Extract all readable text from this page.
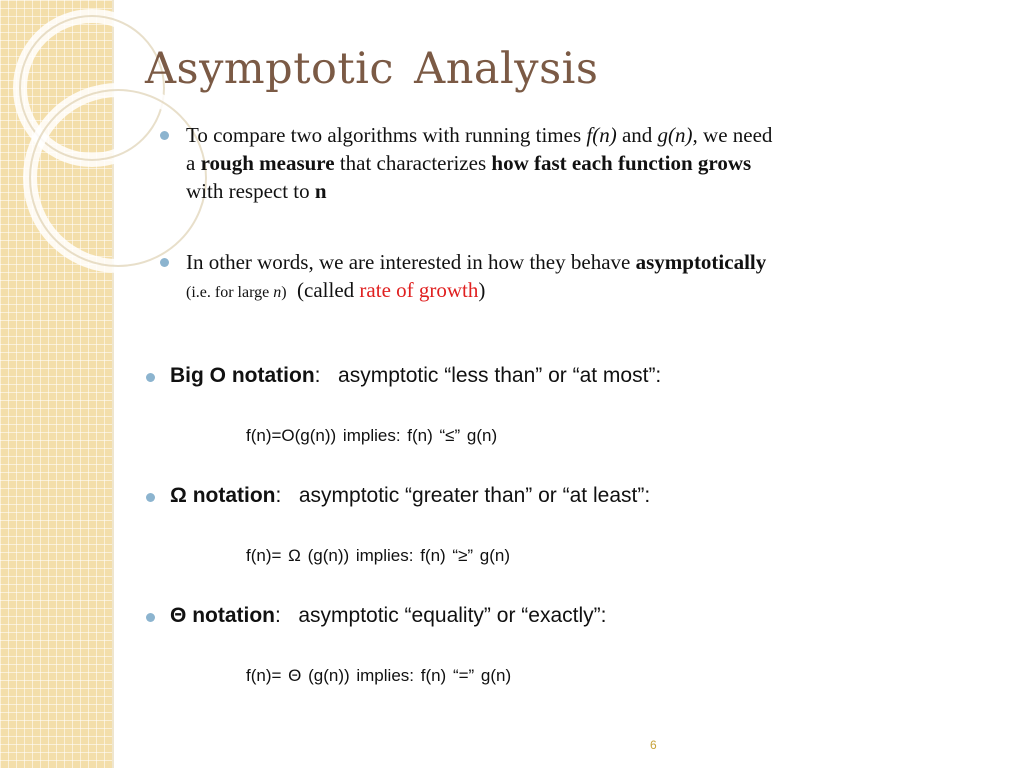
Asymptotic Analysis
To compare two algorithms with running times f(n) and g(n), we need
a rough measure that characterizes how fast each function grows
with respect to n
In other words, we are interested in how they behave asymptotically
(i.e. for large n) (called rate of growth)
Big O notation: asymptotic “less than” or “at most”:
f(n)=O(g(n)) implies: f(n) “≤” g(n)
Ω notation: asymptotic “greater than” or “at least”:
f(n)= Ω (g(n)) implies: f(n) “≥” g(n)
Θ notation: asymptotic “equality” or “exactly”:
f(n)= Θ (g(n)) implies: f(n) “=” g(n)
6
